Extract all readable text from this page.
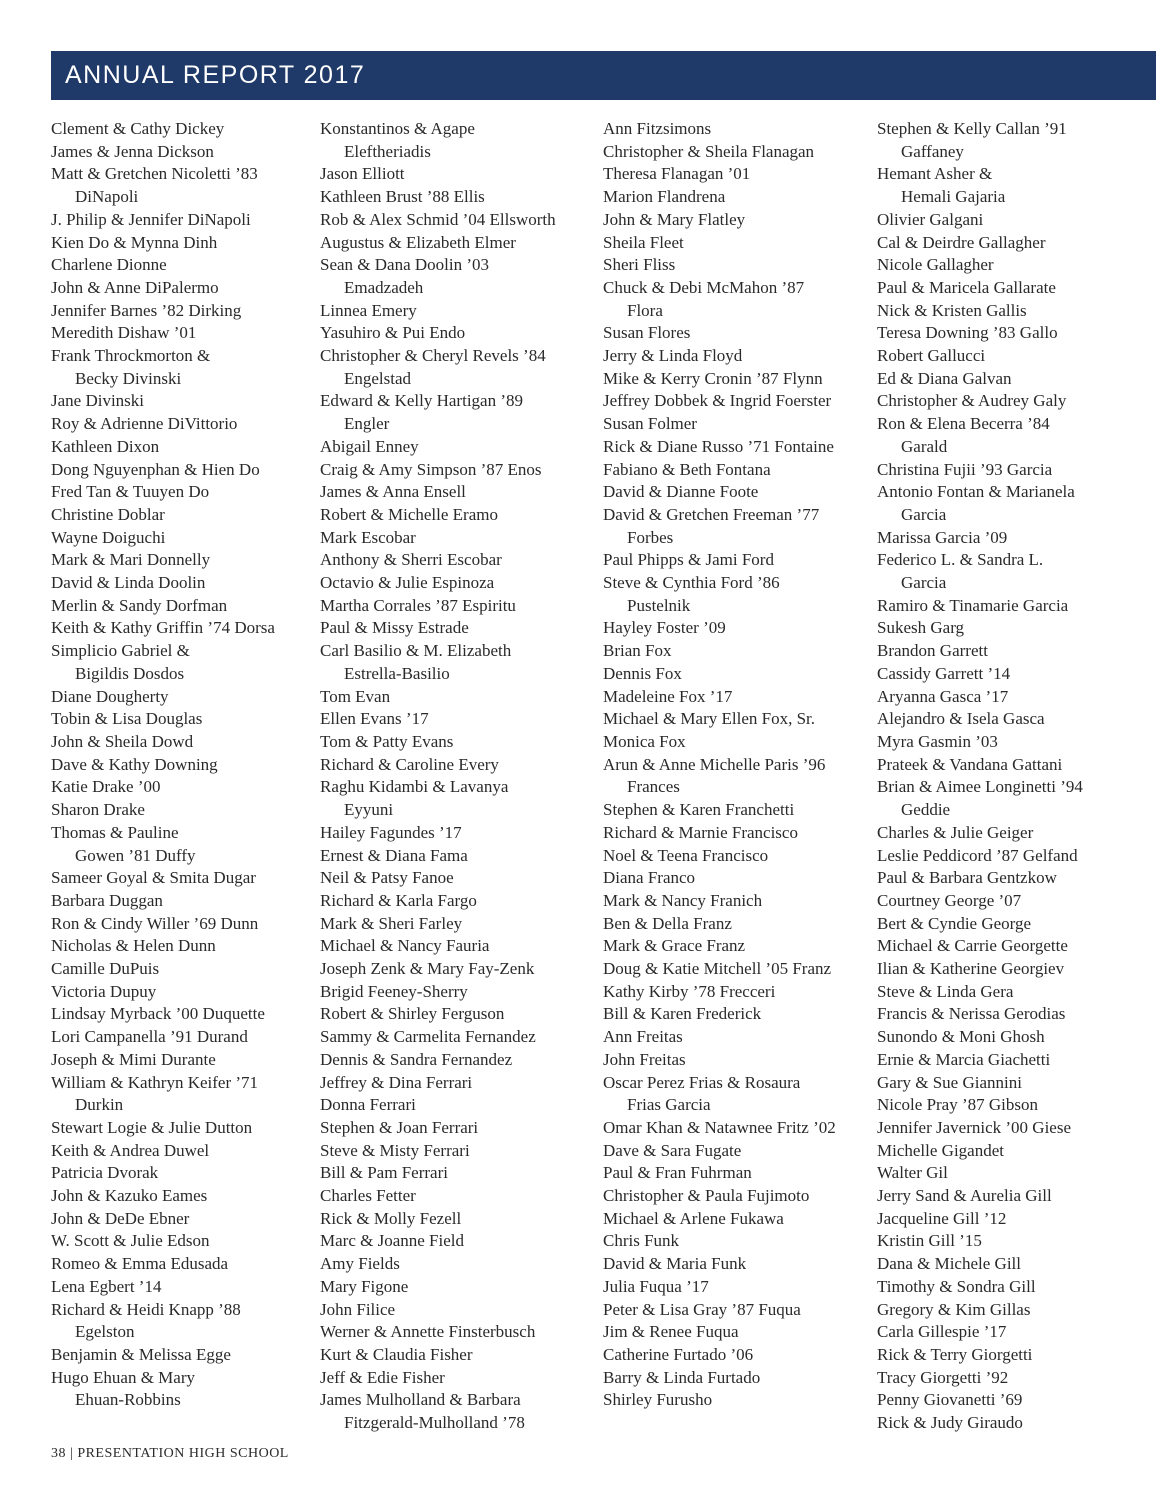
ANNUAL REPORT 2017
Clement & Cathy Dickey
James & Jenna Dickson
Matt & Gretchen Nicoletti ’83
DiNapoli
J. Philip & Jennifer DiNapoli
Kien Do & Mynna Dinh
Charlene Dionne
John & Anne DiPalermo
Jennifer Barnes ’82 Dirking
Meredith Dishaw ’01
Frank Throckmorton &
Becky Divinski
Jane Divinski
Roy & Adrienne DiVittorio
Kathleen Dixon
Dong Nguyenphan & Hien Do
Fred Tan & Tuuyen Do
Christine Doblar
Wayne Doiguchi
Mark & Mari Donnelly
David & Linda Doolin
Merlin & Sandy Dorfman
Keith & Kathy Griffin ’74 Dorsa
Simplicio Gabriel &
Bigildis Dosdos
Diane Dougherty
Tobin & Lisa Douglas
John & Sheila Dowd
Dave & Kathy Downing
Katie Drake ’00
Sharon Drake
Thomas & Pauline
Gowen ’81 Duffy
Sameer Goyal & Smita Dugar
Barbara Duggan
Ron & Cindy Willer ’69 Dunn
Nicholas & Helen Dunn
Camille DuPuis
Victoria Dupuy
Lindsay Myrback ’00 Duquette
Lori Campanella ’91 Durand
Joseph & Mimi Durante
William & Kathryn Keifer ’71
Durkin
Stewart Logie & Julie Dutton
Keith & Andrea Duwel
Patricia Dvorak
John & Kazuko Eames
John & DeDe Ebner
W. Scott & Julie Edson
Romeo & Emma Edusada
Lena Egbert ’14
Richard & Heidi Knapp ’88
Egelston
Benjamin & Melissa Egge
Hugo Ehuan & Mary
Ehuan-Robbins
Konstantinos & Agape
Eleftheriadis
Jason Elliott
Kathleen Brust ’88 Ellis
Rob & Alex Schmid ’04 Ellsworth
Augustus & Elizabeth Elmer
Sean & Dana Doolin ’03
Emadzadeh
Linnea Emery
Yasuhiro & Pui Endo
Christopher & Cheryl Revels ’84
Engelstad
Edward & Kelly Hartigan ’89
Engler
Abigail Enney
Craig & Amy Simpson ’87 Enos
James & Anna Ensell
Robert & Michelle Eramo
Mark Escobar
Anthony & Sherri Escobar
Octavio & Julie Espinoza
Martha Corrales ’87 Espiritu
Paul & Missy Estrade
Carl Basilio & M. Elizabeth
Estrella-Basilio
Tom Evan
Ellen Evans ’17
Tom & Patty Evans
Richard & Caroline Every
Raghu Kidambi & Lavanya
Eyyuni
Hailey Fagundes ’17
Ernest & Diana Fama
Neil & Patsy Fanoe
Richard & Karla Fargo
Mark & Sheri Farley
Michael & Nancy Fauria
Joseph Zenk & Mary Fay-Zenk
Brigid Feeney-Sherry
Robert & Shirley Ferguson
Sammy & Carmelita Fernandez
Dennis & Sandra Fernandez
Jeffrey & Dina Ferrari
Donna Ferrari
Stephen & Joan Ferrari
Steve & Misty Ferrari
Bill & Pam Ferrari
Charles Fetter
Rick & Molly Fezell
Marc & Joanne Field
Amy Fields
Mary Figone
John Filice
Werner & Annette Finsterbusch
Kurt & Claudia Fisher
Jeff & Edie Fisher
James Mulholland & Barbara
Fitzgerald-Mulholland ’78
Ann Fitzsimons
Christopher & Sheila Flanagan
Theresa Flanagan ’01
Marion Flandrena
John & Mary Flatley
Sheila Fleet
Sheri Fliss
Chuck & Debi McMahon ’87
Flora
Susan Flores
Jerry & Linda Floyd
Mike & Kerry Cronin ’87 Flynn
Jeffrey Dobbek & Ingrid Foerster
Susan Folmer
Rick & Diane Russo ’71 Fontaine
Fabiano & Beth Fontana
David & Dianne Foote
David & Gretchen Freeman ’77
Forbes
Paul Phipps & Jami Ford
Steve & Cynthia Ford ’86
Pustelnik
Hayley Foster ’09
Brian Fox
Dennis Fox
Madeleine Fox ’17
Michael & Mary Ellen Fox, Sr.
Monica Fox
Arun & Anne Michelle Paris ’96
Frances
Stephen & Karen Franchetti
Richard & Marnie Francisco
Noel & Teena Francisco
Diana Franco
Mark & Nancy Franich
Ben & Della Franz
Mark & Grace Franz
Doug & Katie Mitchell ’05 Franz
Kathy Kirby ’78 Frecceri
Bill & Karen Frederick
Ann Freitas
John Freitas
Oscar Perez Frias & Rosaura
Frias Garcia
Omar Khan & Natawnee Fritz ’02
Dave & Sara Fugate
Paul & Fran Fuhrman
Christopher & Paula Fujimoto
Michael & Arlene Fukawa
Chris Funk
David & Maria Funk
Julia Fuqua ’17
Peter & Lisa Gray ’87 Fuqua
Jim & Renee Fuqua
Catherine Furtado ’06
Barry & Linda Furtado
Shirley Furusho
Stephen & Kelly Callan ’91
Gaffaney
Hemant Asher &
Hemali Gajaria
Olivier Galgani
Cal & Deirdre Gallagher
Nicole Gallagher
Paul & Maricela Gallarate
Nick & Kristen Gallis
Teresa Downing ’83 Gallo
Robert Gallucci
Ed & Diana Galvan
Christopher & Audrey Galy
Ron & Elena Becerra ’84
Garald
Christina Fujii ’93 Garcia
Antonio Fontan & Marianela
Garcia
Marissa Garcia ’09
Federico L. & Sandra L.
Garcia
Ramiro & Tinamarie Garcia
Sukesh Garg
Brandon Garrett
Cassidy Garrett ’14
Aryanna Gasca ’17
Alejandro & Isela Gasca
Myra Gasmin ’03
Prateek & Vandana Gattani
Brian & Aimee Longinetti ’94
Geddie
Charles & Julie Geiger
Leslie Peddicord ’87 Gelfand
Paul & Barbara Gentzkow
Courtney George ’07
Bert & Cyndie George
Michael & Carrie Georgette
Ilian & Katherine Georgiev
Steve & Linda Gera
Francis & Nerissa Gerodias
Sunondo & Moni Ghosh
Ernie & Marcia Giachetti
Gary & Sue Giannini
Nicole Pray ’87 Gibson
Jennifer Javernick ’00 Giese
Michelle Gigandet
Walter Gil
Jerry Sand & Aurelia Gill
Jacqueline Gill ’12
Kristin Gill ’15
Dana & Michele Gill
Timothy & Sondra Gill
Gregory & Kim Gillas
Carla Gillespie ’17
Rick & Terry Giorgetti
Tracy Giorgetti ’92
Penny Giovanetti ’69
Rick & Judy Giraudo
38 | PRESENTATION HIGH SCHOOL
